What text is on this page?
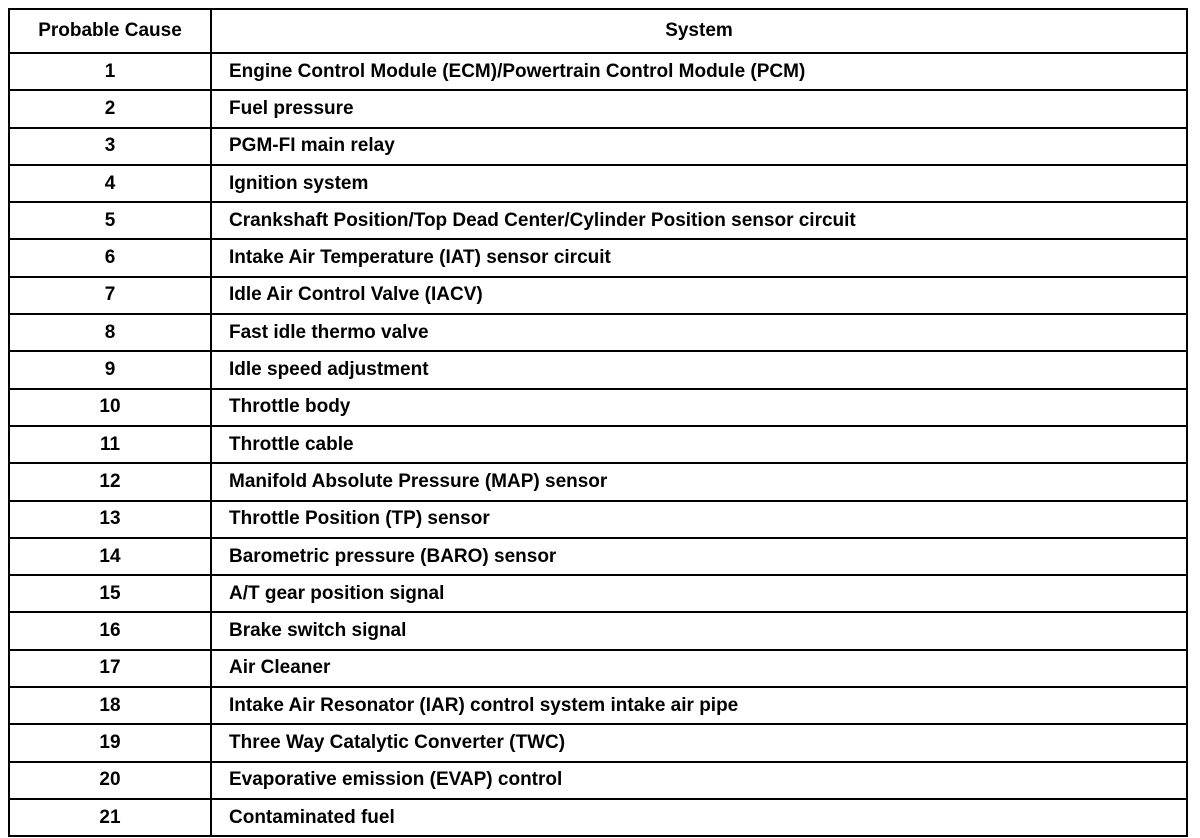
Probable Cause	System
1	Engine Control Module (ECM)/Powertrain Control Module (PCM)
2	Fuel pressure
3	PGM-FI main relay
4	Ignition system
5	Crankshaft Position/Top Dead Center/Cylinder Position sensor circuit
6	Intake Air Temperature (IAT) sensor circuit
7	Idle Air Control Valve (IACV)
8	Fast idle thermo valve
9	Idle speed adjustment
10	Throttle body
11	Throttle cable
12	Manifold Absolute Pressure (MAP) sensor
13	Throttle Position (TP) sensor
14	Barometric pressure (BARO) sensor
15	A/T gear position signal
16	Brake switch signal
17	Air Cleaner
18	Intake Air Resonator (IAR) control system intake air pipe
19	Three Way Catalytic Converter (TWC)
20	Evaporative emission (EVAP) control
21	Contaminated fuel
